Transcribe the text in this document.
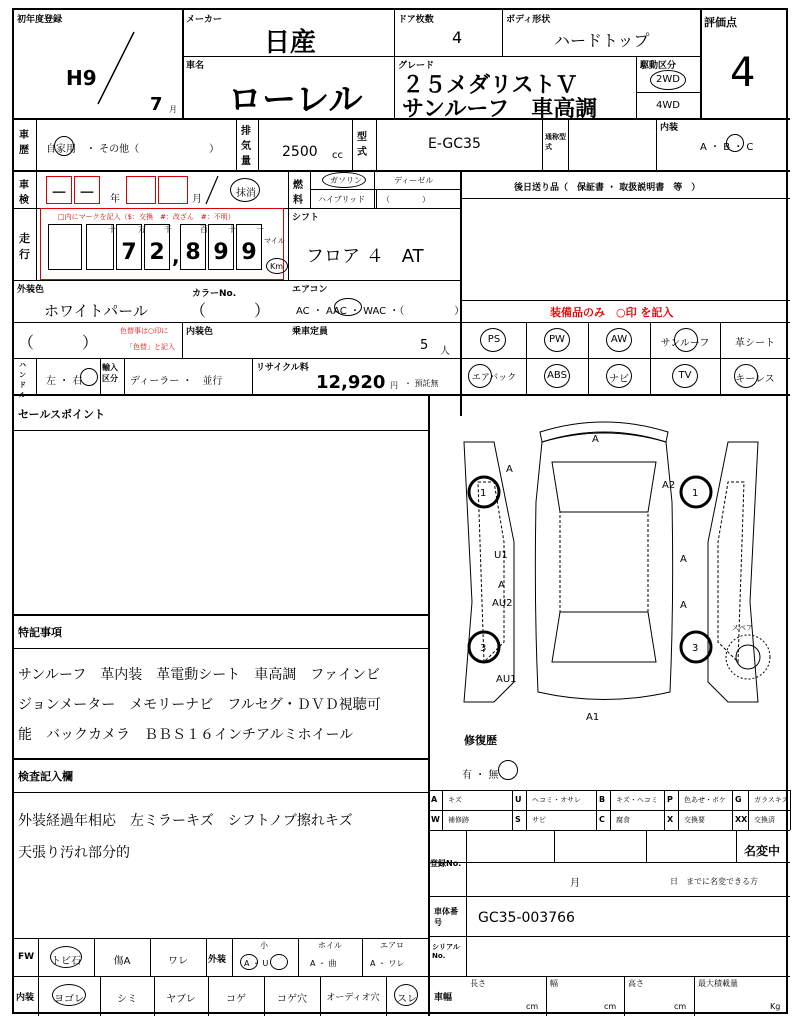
初年度登録
H9
7 月
メーカー
日産
ドア枚数
4
ボディ形状
ハードトップ
評価点
4
車名
ローレル
グレード
２５メダリストＶ
サンルーフ　車高調
駆動区分
2WD
4WD
車歴 自家用　・ その他（　　　　　　　）
排気量
2500 cc
型式
E-GC35	通称型式
内装
A ・ B ・ C
車検 － － 年	月
抹消
燃料
ガソリン	ディーゼル
ハイブリッド （　　　　）
後日送り品（　保証書 ・ 取扱説明書　等　）
走行
□内にマークを記入（$：交換　#：改ざん　#：不明）
7 2 , 8 9 9
十	万 千	百	十	一
マイル
Km
シフト
フロア ４　AT
外装色
ホワイトパール
カラーNo.
（　　　）
エアコン
AC ・ AAC ・ WAC ・（　　　　　）
（　　　）
色替事は○印に
「色替」と記入
内装色	乗車定員
5 人
装備品のみ　○印 を記入
PS	PW	AW	サンルーフ	革シート
エアバック	ABS	ナビ	TV	キーレス
ハンドル
左 ・ 右
輸入区分	ディーラー ・　並行
リサイクル料
12,920 円 ・ 預託無
セールスポイント
特記事項
サンルーフ　革内装　革電動シート　車高調　ファインビ
ジョンメーター　メモリーナビ　フルセグ・ＤＶＤ視聴可
能　バックカメラ　ＢＢＳ１６インチアルミホイール
検査記入欄
外装経過年相応　左ミラーキズ　シフトノブ擦れキズ
天張り汚れ部分的
A
A
A2
U1
A
AU2
A
A
AU1
A1
1	1
3	3
スペア
修復歴
有 ・ 無
登録No.
名変中
月	日　までに名変できる方
車体番号	GC35-003766
シリアルNo.
FW	トビ石	傷A	ワレ	外装
小
A ・ U
ホイル
A ・ 曲
エアロ
A ・ ワレ
内装	ヨゴレ	シミ	ヤブレ	コゲ	コゲ穴	オーディオ穴	スレ	車幅
長さ	幅	高さ	最大積載量
cm	cm	cm	Kg
A キズ	U ヘコミ・オサレ B キズ・ヘコミ P 色あせ・ボケ G ガラスキズ
W 補修跡	S サビ	C 腐食	X 交換要	XX 交換済
